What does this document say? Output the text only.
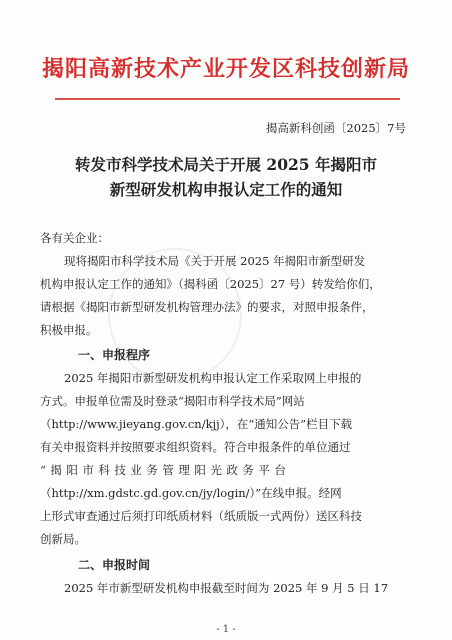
揭阳高新技术产业开发区科技创新局
揭高新科创函〔2025〕7号
转发市科学技术局关于开展 2025 年揭阳市
新型研发机构申报认定工作的通知
各有关企业：
现将揭阳市科学技术局《关于开展 2025 年揭阳市新型研发
机构申报认定工作的通知》（揭科函〔2025〕27 号）转发给你们，
请根据《揭阳市新型研发机构管理办法》的要求，对照申报条件，
积极申报。
一、申报程序
2025 年揭阳市新型研发机构申报认定工作采取网上申报的
方式。申报单位需及时登录“揭阳市科学技术局”网站
（http://www.jieyang.gov.cn/kjj），在“通知公告”栏目下载
有关申报资料并按照要求组织资料。符合申报条件的单位通过
“揭阳市科技业务管理阳光政务平台
（http://xm.gdstc.gd.gov.cn/jy/login/）”在线申报。经网
上形式审查通过后须打印纸质材料（纸质版一式两份）送区科技
创新局。
二、申报时间
2025 年市新型研发机构申报截至时间为 2025 年 9 月 5 日 17
- 1 -
